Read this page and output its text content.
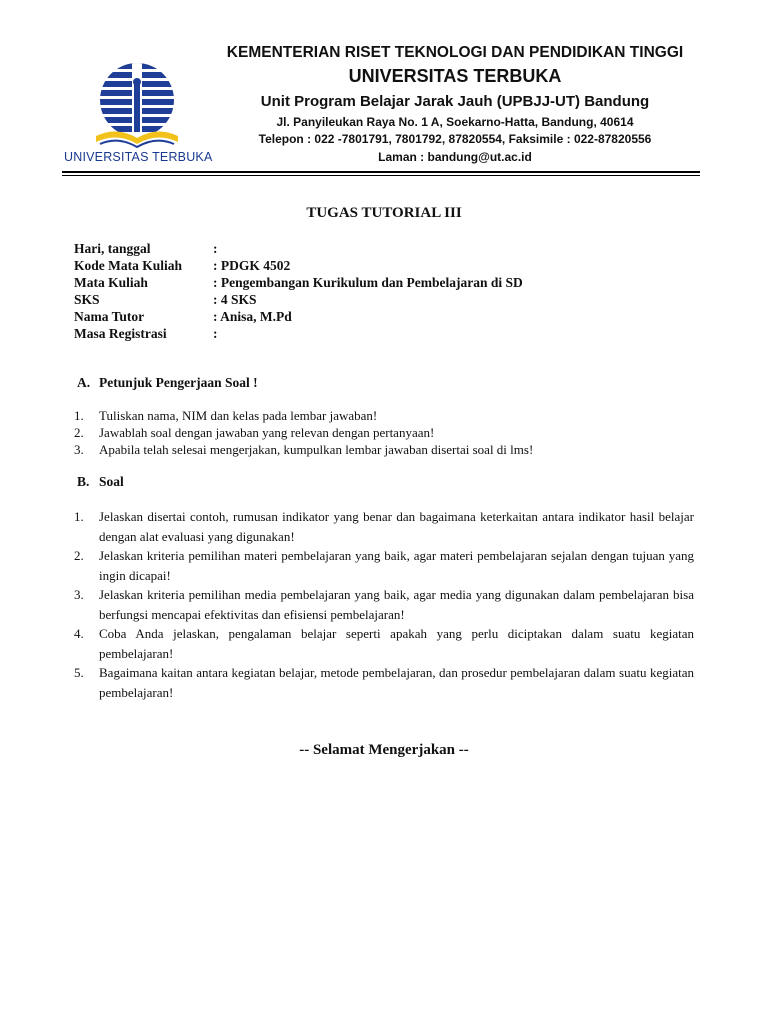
UNIVERSITAS TERBUKA
KEMENTERIAN RISET TEKNOLOGI DAN PENDIDIKAN TINGGI
UNIVERSITAS TERBUKA
Unit Program Belajar Jarak Jauh (UPBJJ-UT) Bandung
Jl. Panyileukan Raya No. 1 A, Soekarno-Hatta, Bandung, 40614
Telepon : 022 -7801791, 7801792, 87820554, Faksimile : 022-87820556
Laman : bandung@ut.ac.id
TUGAS TUTORIAL III
Hari, tanggal	:
Kode Mata Kuliah : PDGK 4502
Mata Kuliah	: Pengembangan Kurikulum dan Pembelajaran di SD
SKS	: 4 SKS
Nama Tutor	: Anisa, M.Pd
Masa Registrasi	:
A. Petunjuk Pengerjaan Soal !
1. Tuliskan nama, NIM dan kelas pada lembar jawaban!
2. Jawablah soal dengan jawaban yang relevan dengan pertanyaan!
3. Apabila telah selesai mengerjakan, kumpulkan lembar jawaban disertai soal di lms!
B. Soal
1. Jelaskan disertai contoh, rumusan indikator yang benar dan bagaimana keterkaitan antara indikator hasil belajar dengan alat evaluasi yang digunakan!
2. Jelaskan kriteria pemilihan materi pembelajaran yang baik, agar materi pembelajaran sejalan dengan tujuan yang ingin dicapai!
3. Jelaskan kriteria pemilihan media pembelajaran yang baik, agar media yang digunakan dalam pembelajaran bisa berfungsi mencapai efektivitas dan efisiensi pembelajaran!
4. Coba Anda jelaskan, pengalaman belajar seperti apakah yang perlu diciptakan dalam suatu kegiatan pembelajaran!
5. Bagaimana kaitan antara kegiatan belajar, metode pembelajaran, dan prosedur pembelajaran dalam suatu kegiatan pembelajaran!
-- Selamat Mengerjakan --
